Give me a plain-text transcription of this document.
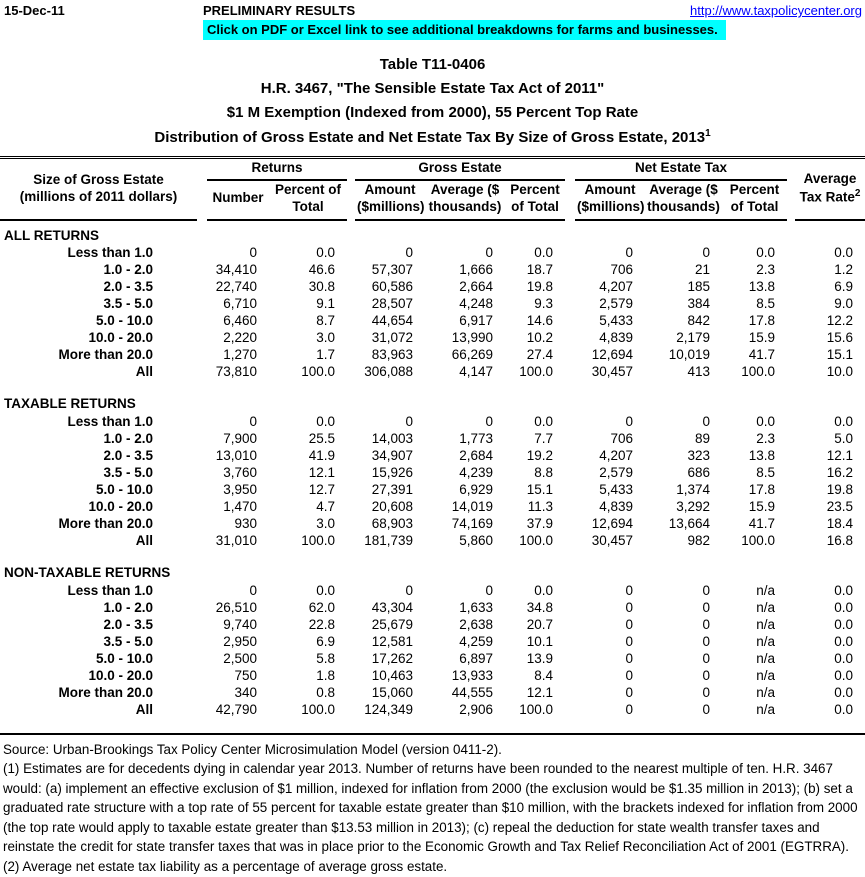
15-Dec-11	PRELIMINARY RESULTS	http://www.taxpolicycenter.org
Click on PDF or Excel link to see additional breakdowns for farms and businesses.

Table T11-0406

H.R. 3467, "The Sensible Estate Tax Act of 2011"

$1 M Exemption (Indexed from 2000), 55 Percent Top Rate

Distribution of Gross Estate and Net Estate Tax By Size of Gross Estate, 2013$^1$

Size of Gross Estate (millions of 2011 dollars)		Returns			Gross Estate				Net Estate Tax				Average Tax Rate$^2$
		Number	Percent of Total		Amount ($millions)	Average ($ thousands)	Percent of Total		Amount ($millions)	Average ($ thousands)	Percent of Total		
ALL RETURNS													
Less than 1.0		0	0.0		0	0	0.0		0	0	0.0		0.0
1.0 - 2.0		34,410	46.6		57,307	1,666	18.7		706	21	2.3		1.2
2.0 - 3.5		22,740	30.8		60,586	2,664	19.8		4,207	185	13.8		6.9
3.5 - 5.0		6,710	9.1		28,507	4,248	9.3		2,579	384	8.5		9.0
5.0 - 10.0		6,460	8.7		44,654	6,917	14.6		5,433	842	17.8		12.2
10.0 - 20.0		2,220	3.0		31,072	13,990	10.2		4,839	2,179	15.9		15.6
More than 20.0		1,270	1.7		83,963	66,269	27.4		12,694	10,019	41.7		15.1
All		73,810	100.0		306,088	4,147	100.0		30,457	413	100.0		10.0

TAXABLE RETURNS													
Less than 1.0		0	0.0		0	0	0.0		0	0	0.0		0.0
1.0 - 2.0		7,900	25.5		14,003	1,773	7.7		706	89	2.3		5.0
2.0 - 3.5		13,010	41.9		34,907	2,684	19.2		4,207	323	13.8		12.1
3.5 - 5.0		3,760	12.1		15,926	4,239	8.8		2,579	686	8.5		16.2
5.0 - 10.0		3,950	12.7		27,391	6,929	15.1		5,433	1,374	17.8		19.8
10.0 - 20.0		1,470	4.7		20,608	14,019	11.3		4,839	3,292	15.9		23.5
More than 20.0		930	3.0		68,903	74,169	37.9		12,694	13,664	41.7		18.4
All		31,010	100.0		181,739	5,860	100.0		30,457	982	100.0		16.8

NON-TAXABLE RETURNS													
Less than 1.0		0	0.0		0	0	0.0		0	0	n/a		0.0
1.0 - 2.0		26,510	62.0		43,304	1,633	34.8		0	0	n/a		0.0
2.0 - 3.5		9,740	22.8		25,679	2,638	20.7		0	0	n/a		0.0
3.5 - 5.0		2,950	6.9		12,581	4,259	10.1		0	0	n/a		0.0
5.0 - 10.0		2,500	5.8		17,262	6,897	13.9		0	0	n/a		0.0
10.0 - 20.0		750	1.8		10,463	13,933	8.4		0	0	n/a		0.0
More than 20.0		340	0.8		15,060	44,555	12.1		0	0	n/a		0.0
All		42,790	100.0		124,349	2,906	100.0		0	0	n/a		0.0

Source: Urban-Brookings Tax Policy Center Microsimulation Model (version 0411-2).

(1) Estimates are for decedents dying in calendar year 2013. Number of returns have been rounded to the nearest multiple of ten. H.R. 3467 would: (a) implement an effective exclusion of $1 million, indexed for inflation from 2000 (the exclusion would be $1.35 million in 2013); (b) set a graduated rate structure with a top rate of 55 percent for taxable estate greater than $10 million, with the brackets indexed for inflation from 2000 (the top rate would apply to taxable estate greater than $13.53 million in 2013); (c) repeal the deduction for state wealth transfer taxes and reinstate the credit for state transfer taxes that was in place prior to the Economic Growth and Tax Relief Reconciliation Act of 2001 (EGTRRA).

(2) Average net estate tax liability as a percentage of average gross estate.
